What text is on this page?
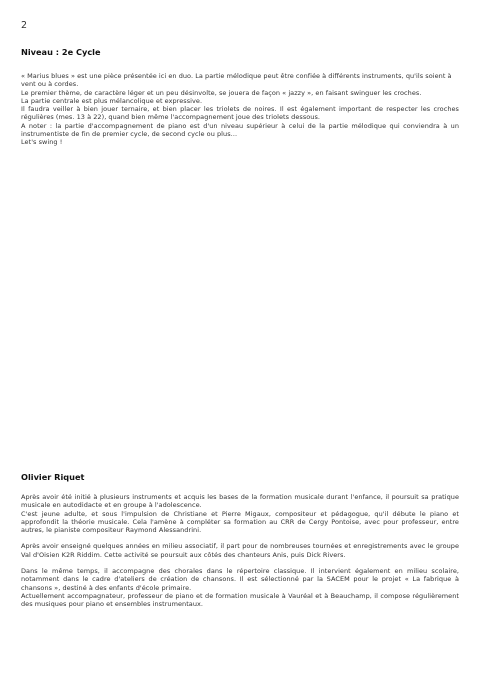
2
Niveau : 2e Cycle

« Marius blues » est une pièce présentée ici en duo. La partie mélodique peut être confiée à différents instruments, qu'ils soient à vent ou à cordes.

Le premier thème, de caractère léger et un peu désinvolte, se jouera de façon « jazzy », en faisant swinguer les croches.

La partie centrale est plus mélancolique et expressive.

Il faudra veiller à bien jouer ternaire, et bien placer les triolets de noires. Il est également important de respecter les croches régulières (mes. 13 à 22), quand bien même l'accompagnement joue des triolets dessous.

A noter : la partie d'accompagnement de piano est d'un niveau supérieur à celui de la partie mélodique qui conviendra à un instrumentiste de fin de premier cycle, de second cycle ou plus…

Let's swing !

Olivier Riquet

Après avoir été initié à plusieurs instruments et acquis les bases de la formation musicale durant l'enfance, il poursuit sa pratique musicale en autodidacte et en groupe à l'adolescence.

C'est jeune adulte, et sous l'impulsion de Christiane et Pierre Migaux, compositeur et pédagogue, qu'il débute le piano et approfondit la théorie musicale. Cela l'amène à compléter sa formation au CRR de Cergy Pontoise, avec pour professeur, entre autres, le pianiste compositeur Raymond Alessandrini.

Après avoir enseigné quelques années en milieu associatif, il part pour de nombreuses tournées et enregistrements avec le groupe Val d'Oisien K2R Riddim. Cette activité se poursuit aux côtés des chanteurs Anis, puis Dick Rivers.

Dans le même temps, il accompagne des chorales dans le répertoire classique. Il intervient également en milieu scolaire, notamment dans le cadre d'ateliers de création de chansons. Il est sélectionné par la SACEM pour le projet « La fabrique à chansons », destiné à des enfants d'école primaire.

Actuellement accompagnateur, professeur de piano et de formation musicale à Vauréal et à Beauchamp, il compose régulièrement des musiques pour piano et ensembles instrumentaux.
